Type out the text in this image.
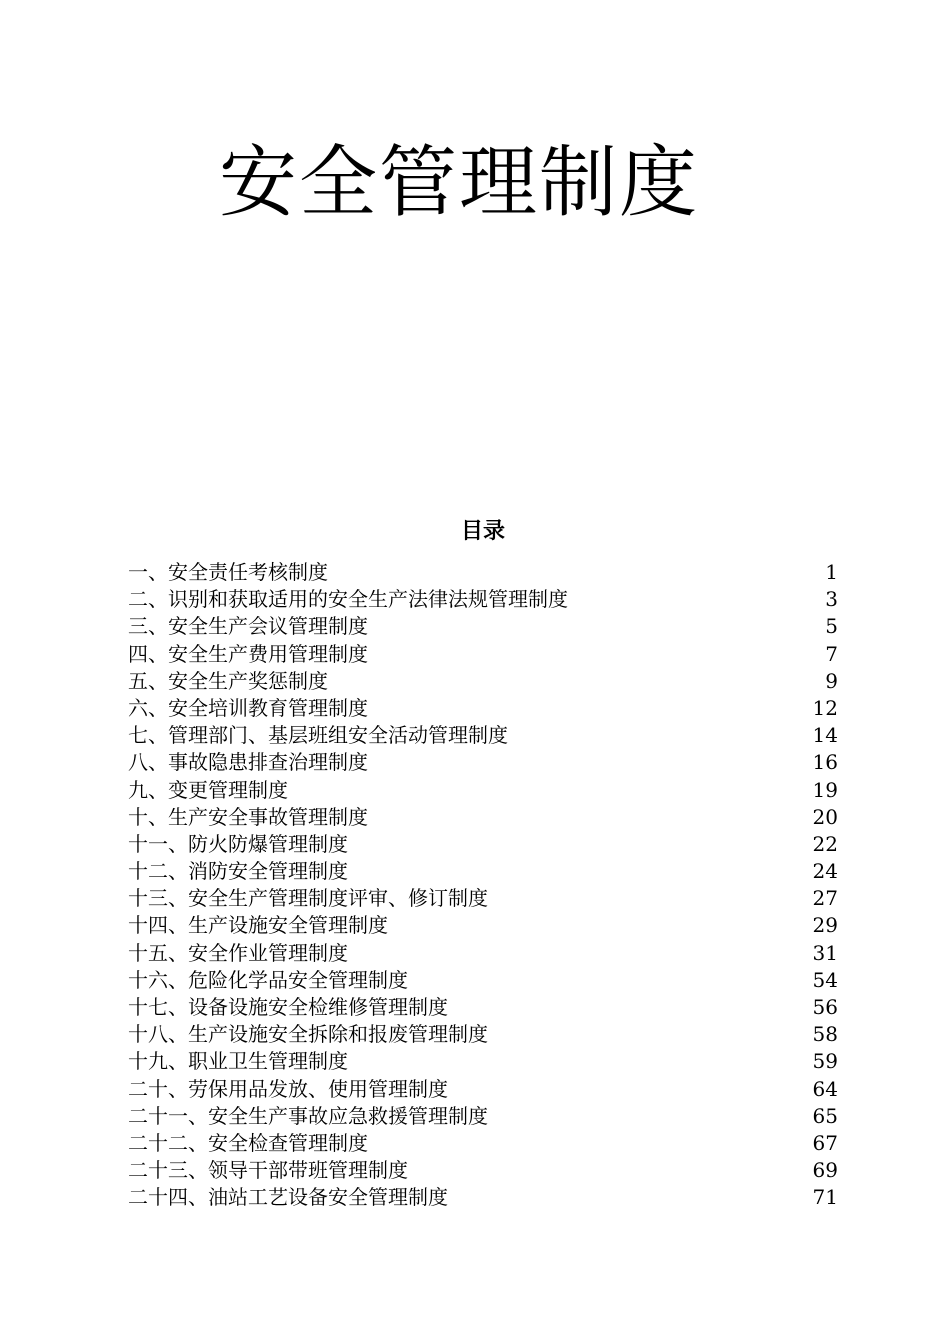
安全管理制度
目录
一、安全责任考核制度	1
二、识别和获取适用的安全生产法律法规管理制度	3
三、安全生产会议管理制度	5
四、安全生产费用管理制度	7
五、安全生产奖惩制度	9
六、安全培训教育管理制度	12
七、管理部门、基层班组安全活动管理制度	14
八、事故隐患排查治理制度	16
九、变更管理制度	19
十、生产安全事故管理制度	20
十一、防火防爆管理制度	22
十二、消防安全管理制度	24
十三、安全生产管理制度评审、修订制度	27
十四、生产设施安全管理制度	29
十五、安全作业管理制度	31
十六、危险化学品安全管理制度	54
十七、设备设施安全检维修管理制度	56
十八、生产设施安全拆除和报废管理制度	58
十九、职业卫生管理制度	59
二十、劳保用品发放、使用管理制度	64
二十一、安全生产事故应急救援管理制度	65
二十二、安全检查管理制度	67
二十三、领导干部带班管理制度	69
二十四、油站工艺设备安全管理制度	71
